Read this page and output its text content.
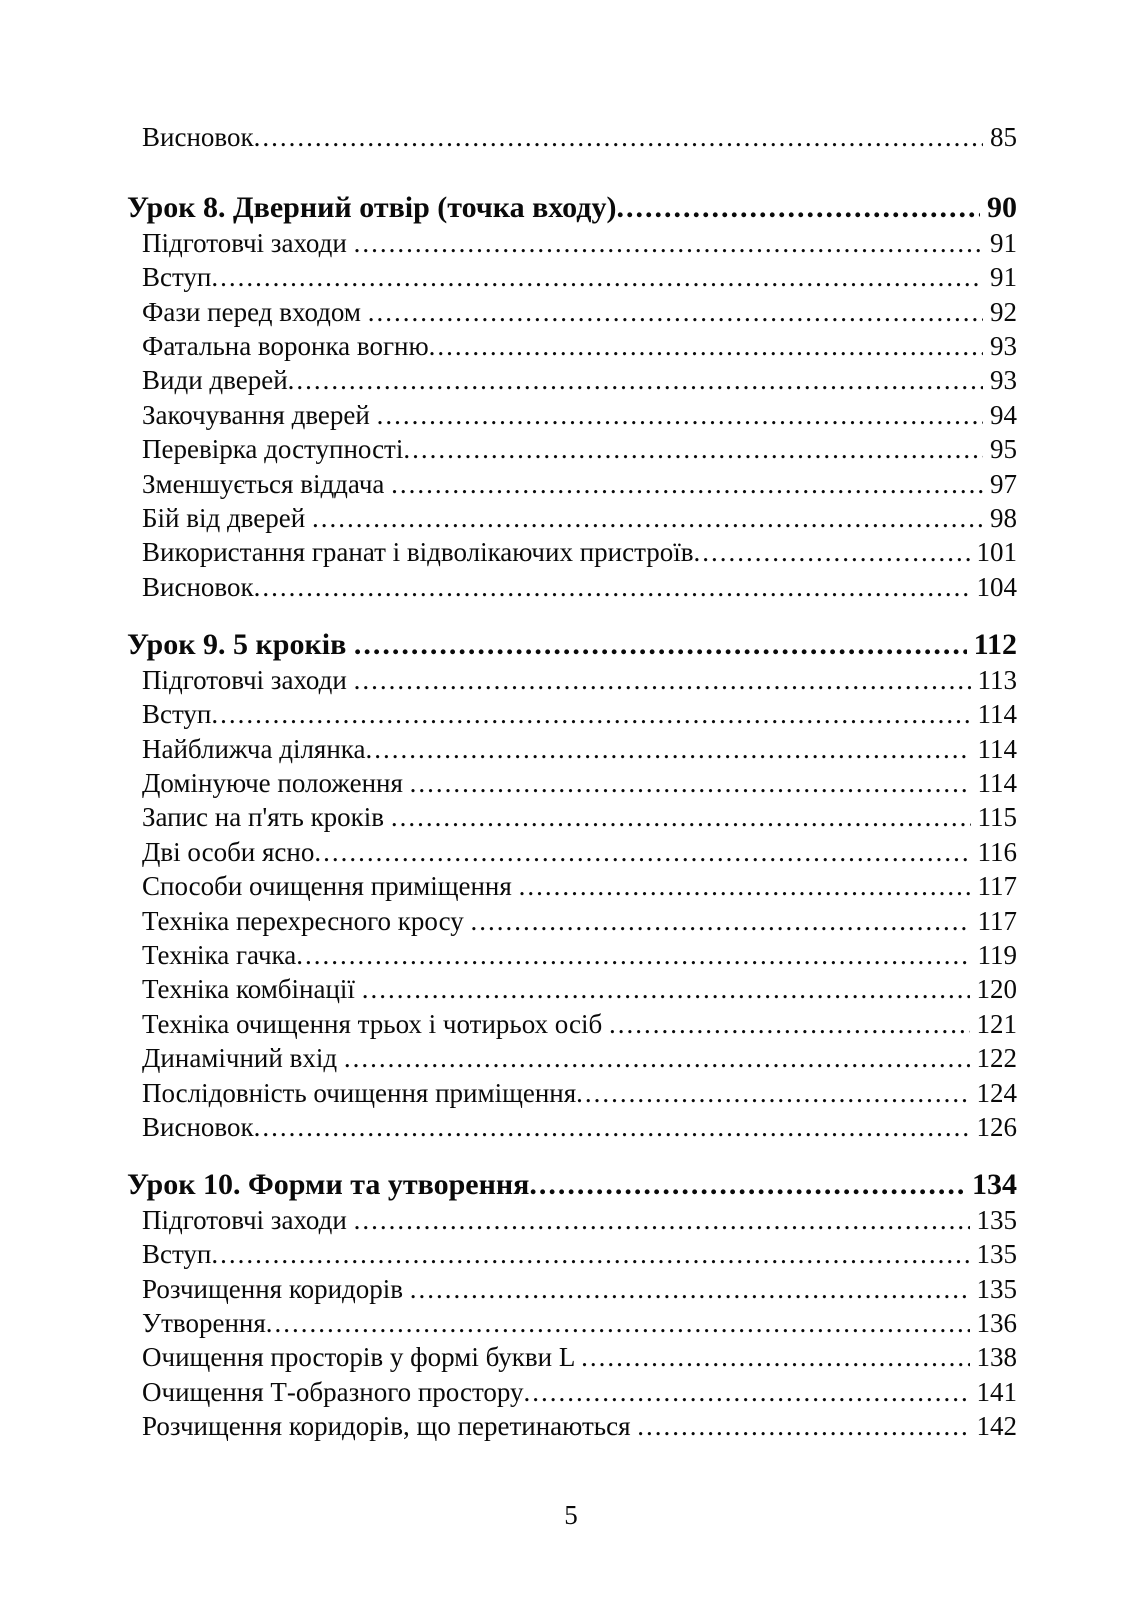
Висновок .....	85
Урок 8. Дверний отвір (точка входу) .....	90
Підготовчі заходи .....	91
Вступ .....	91
Фази перед входом .....	92
Фатальна воронка вогню .....	93
Види дверей .....	93
Закочування дверей .....	94
Перевірка доступності .....	95
Зменшується віддача .....	97
Бій від дверей .....	98
Використання гранат і відволікаючих пристроїв .....	101
Висновок .....	104
Урок 9. 5 кроків .....	112
Підготовчі заходи .....	113
Вступ .....	114
Найближча ділянка .....	114
Домінуюче положення .....	114
Запис на п'ять кроків .....	115
Дві особи ясно .....	116
Способи очищення приміщення .....	117
Техніка перехресного кросу .....	117
Техніка гачка .....	119
Техніка комбінації .....	120
Техніка очищення трьох і чотирьох осіб .....	121
Динамічний вхід .....	122
Послідовність очищення приміщення .....	124
Висновок .....	126
Урок 10. Форми та утворення .....	134
Підготовчі заходи .....	135
Вступ .....	135
Розчищення коридорів .....	135
Утворення .....	136
Очищення просторів у формі букви L .....	138
Очищення Т-образного простору .....	141
Розчищення коридорів, що перетинаються .....	142
5
